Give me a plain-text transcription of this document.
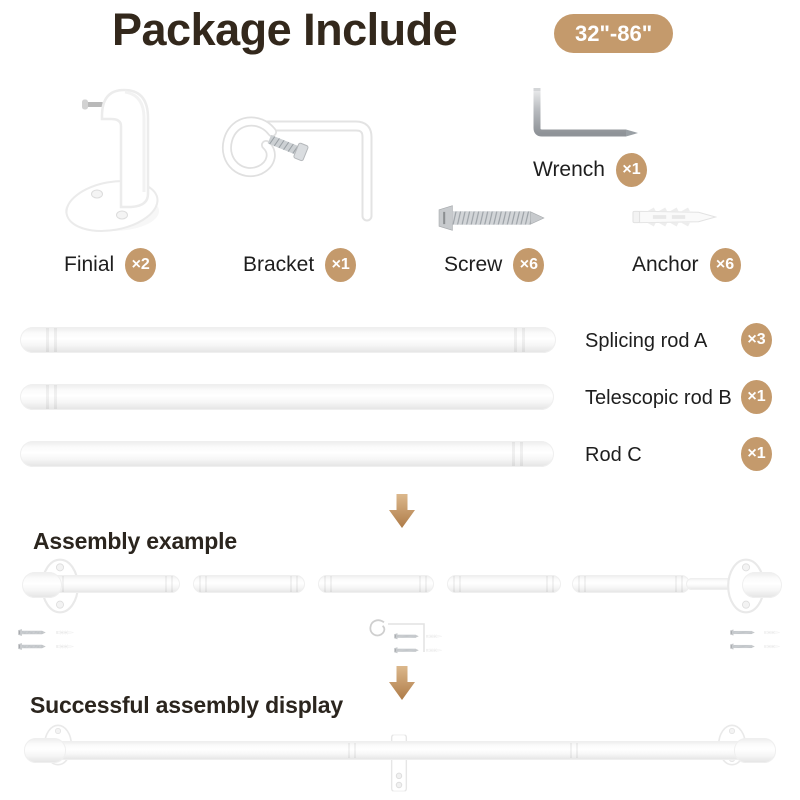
Package Include	32"-86"
Finial	×2	Bracket	×1
Wrench	×1
Screw	×6	Anchor	×6
Splicing rod A	×3
Telescopic rod B ×1
Rod C	×1
Assembly example
Successful assembly display
